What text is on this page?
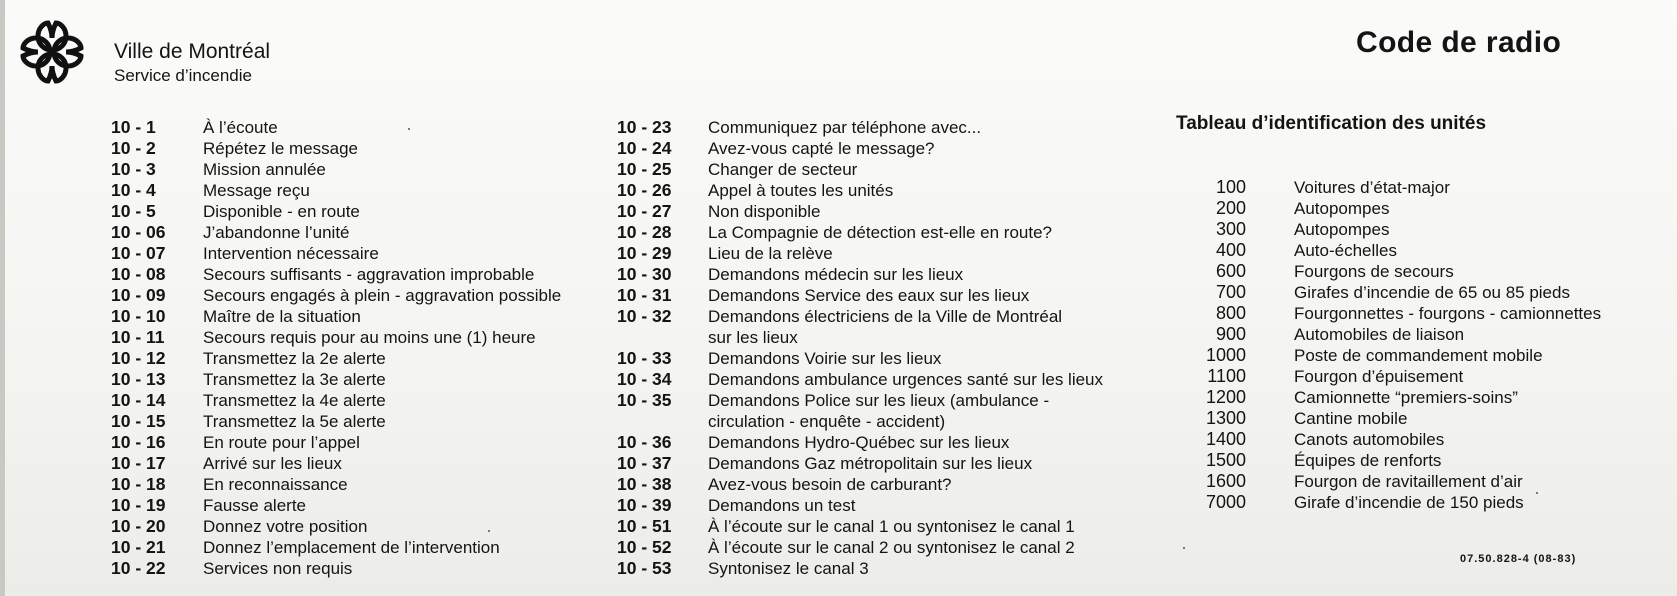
Ville de Montréal
Service d’incendie
Code de radio
10 - 1	À l’écoute
10 - 2	Répétez le message
10 - 3	Mission annulée
10 - 4	Message reçu
10 - 5	Disponible - en route
10 - 06	J’abandonne l’unité
10 - 07	Intervention nécessaire
10 - 08	Secours suffisants - aggravation improbable
10 - 09	Secours engagés à plein - aggravation possible
10 - 10	Maître de la situation
10 - 11	Secours requis pour au moins une (1) heure
10 - 12	Transmettez la 2e alerte
10 - 13	Transmettez la 3e alerte
10 - 14	Transmettez la 4e alerte
10 - 15	Transmettez la 5e alerte
10 - 16	En route pour l’appel
10 - 17	Arrivé sur les lieux
10 - 18	En reconnaissance
10 - 19	Fausse alerte
10 - 20	Donnez votre position
10 - 21	Donnez l’emplacement de l’intervention
10 - 22	Services non requis
10 - 23	Communiquez par téléphone avec...
10 - 24	Avez-vous capté le message?
10 - 25	Changer de secteur
10 - 26	Appel à toutes les unités
10 - 27	Non disponible
10 - 28	La Compagnie de détection est-elle en route?
10 - 29	Lieu de la relève
10 - 30	Demandons médecin sur les lieux
10 - 31	Demandons Service des eaux sur les lieux
10 - 32	Demandons électriciens de la Ville de Montréal
sur les lieux
10 - 33	Demandons Voirie sur les lieux
10 - 34	Demandons ambulance urgences santé sur les lieux
10 - 35	Demandons Police sur les lieux (ambulance -
circulation - enquête - accident)
10 - 36	Demandons Hydro-Québec sur les lieux
10 - 37	Demandons Gaz métropolitain sur les lieux
10 - 38	Avez-vous besoin de carburant?
10 - 39	Demandons un test
10 - 51	À l’écoute sur le canal 1 ou syntonisez le canal 1
10 - 52	À l’écoute sur le canal 2 ou syntonisez le canal 2
10 - 53	Syntonisez le canal 3
Tableau d’identification des unités
100	Voitures d’état-major
200	Autopompes
300	Autopompes
400	Auto-échelles
600	Fourgons de secours
700	Girafes d’incendie de 65 ou 85 pieds
800	Fourgonnettes - fourgons - camionnettes
900	Automobiles de liaison
1000	Poste de commandement mobile
1100	Fourgon d’épuisement
1200	Camionnette “premiers-soins”
1300	Cantine mobile
1400	Canots automobiles
1500	Équipes de renforts
1600	Fourgon de ravitaillement d’air
7000	Girafe d’incendie de 150 pieds
07.50.828-4 (08-83)
